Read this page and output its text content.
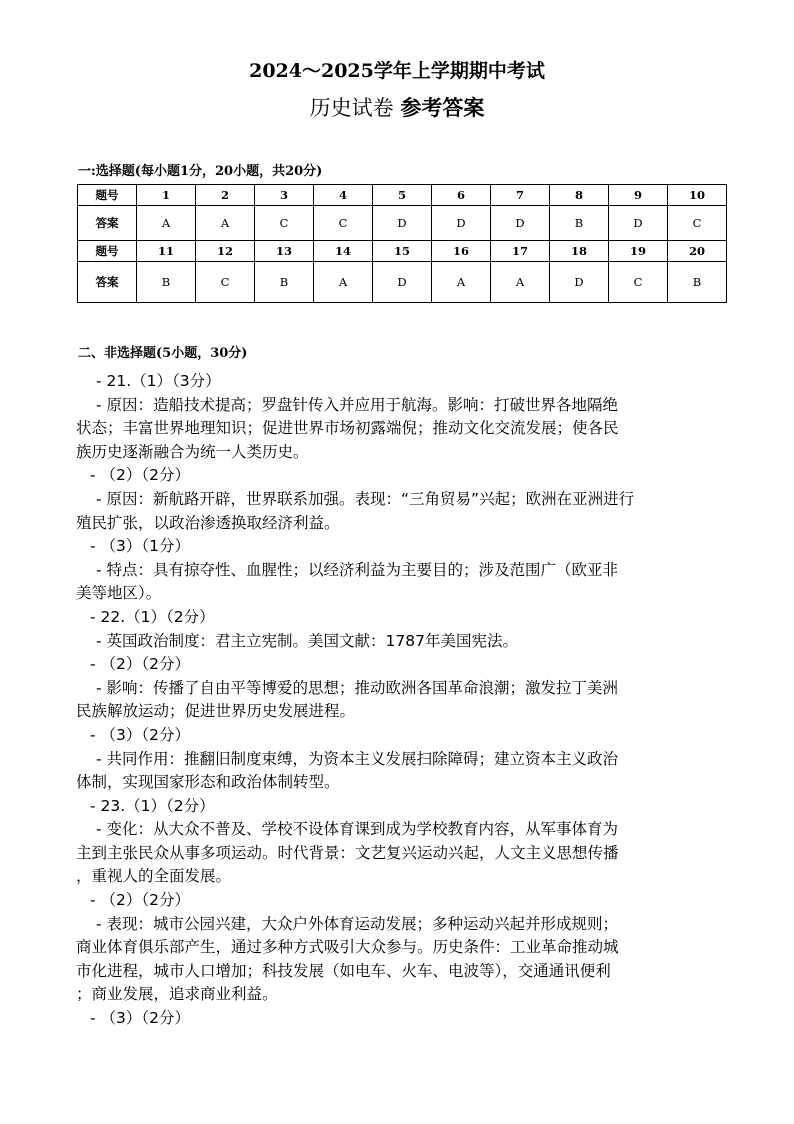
2024～2025学年上学期期中考试
历史试卷 参考答案
一:选择题(每小题1分，20小题，共20分)
题号	1	2	3	4	5	6	7	8	9	10
答案	A	A	C	C	D	D	D	B	D	C
题号	11	12	13	14	15	16	17	18	19	20
答案	B	C	B	A	D	A	A	D	C	B
二、非选择题(5小题，30分)
- 21.（1）（3分）
- 原因：造船技术提高；罗盘针传入并应用于航海。影响：打破世界各地隔绝
状态；丰富世界地理知识；促进世界市场初露端倪；推动文化交流发展；使各民
族历史逐渐融合为统一人类历史。
- （2）（2分）
- 原因：新航路开辟，世界联系加强。表现：“三角贸易”兴起；欧洲在亚洲进行
殖民扩张，以政治渗透换取经济利益。
- （3）（1分）
- 特点：具有掠夺性、血腥性；以经济利益为主要目的；涉及范围广（欧亚非
美等地区）。
- 22.（1）（2分）
- 英国政治制度：君主立宪制。美国文献：1787年美国宪法。
- （2）（2分）
- 影响：传播了自由平等博爱的思想；推动欧洲各国革命浪潮；激发拉丁美洲
民族解放运动；促进世界历史发展进程。
- （3）（2分）
- 共同作用：推翻旧制度束缚，为资本主义发展扫除障碍；建立资本主义政治
体制，实现国家形态和政治体制转型。
- 23.（1）（2分）
- 变化：从大众不普及、学校不设体育课到成为学校教育内容，从军事体育为
主到主张民众从事多项运动。时代背景：文艺复兴运动兴起，人文主义思想传播
，重视人的全面发展。
- （2）（2分）
- 表现：城市公园兴建，大众户外体育运动发展；多种运动兴起并形成规则；
商业体育俱乐部产生，通过多种方式吸引大众参与。历史条件：工业革命推动城
市化进程，城市人口增加；科技发展（如电车、火车、电波等），交通通讯便利
；商业发展，追求商业利益。
- （3）（2分）
